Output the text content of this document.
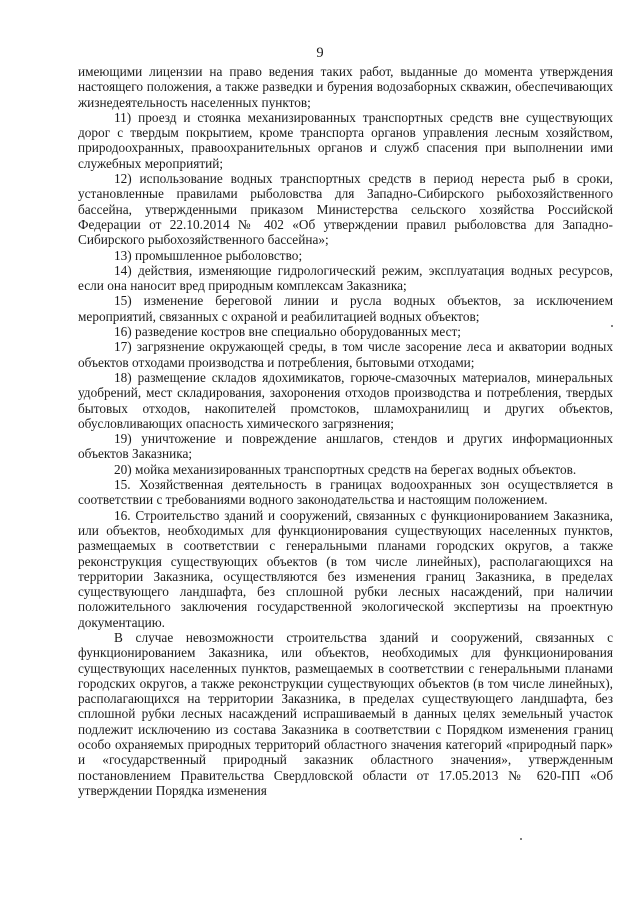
9

имеющими лицензии на право ведения таких работ, выданные до момента утверждения настоящего положения, а также разведки и бурения водозаборных скважин, обеспечивающих жизнедеятельность населенных пунктов;

11) проезд и стоянка механизированных транспортных средств вне существующих дорог с твердым покрытием, кроме транспорта органов управления лесным хозяйством, природоохранных, правоохранительных органов и служб спасения при выполнении ими служебных мероприятий;

12) использование водных транспортных средств в период нереста рыб в сроки, установленные правилами рыболовства для Западно-Сибирского рыбохозяйственного бассейна, утвержденными приказом Министерства сельского хозяйства Российской Федерации от 22.10.2014 № 402 «Об утверждении правил рыболовства для Западно-Сибирского рыбохозяйственного бассейна»;

13) промышленное рыболовство;

14) действия, изменяющие гидрологический режим, эксплуатация водных ресурсов, если она наносит вред природным комплексам Заказника;

15) изменение береговой линии и русла водных объектов, за исключением мероприятий, связанных с охраной и реабилитацией водных объектов;

16) разведение костров вне специально оборудованных мест;

17) загрязнение окружающей среды, в том числе засорение леса и акватории водных объектов отходами производства и потребления, бытовыми отходами;

18) размещение складов ядохимикатов, горюче-смазочных материалов, минеральных удобрений, мест складирования, захоронения отходов производства и потребления, твердых бытовых отходов, накопителей промстоков, шламохранилищ и других объектов, обусловливающих опасность химического загрязнения;

19) уничтожение и повреждение аншлагов, стендов и других информационных объектов Заказника;

20) мойка механизированных транспортных средств на берегах водных объектов.

15. Хозяйственная деятельность в границах водоохранных зон осуществляется в соответствии с требованиями водного законодательства и настоящим положением.

16. Строительство зданий и сооружений, связанных с функционированием Заказника, или объектов, необходимых для функционирования существующих населенных пунктов, размещаемых в соответствии с генеральными планами городских округов, а также реконструкция существующих объектов (в том числе линейных), располагающихся на территории Заказника, осуществляются без изменения границ Заказника, в пределах существующего ландшафта, без сплошной рубки лесных насаждений, при наличии положительного заключения государственной экологической экспертизы на проектную документацию.

В случае невозможности строительства зданий и сооружений, связанных с функционированием Заказника, или объектов, необходимых для функционирования существующих населенных пунктов, размещаемых в соответствии с генеральными планами городских округов, а также реконструкции существующих объектов (в том числе линейных), располагающихся на территории Заказника, в пределах существующего ландшафта, без сплошной рубки лесных насаждений испрашиваемый в данных целях земельный участок подлежит исключению из состава Заказника в соответствии с Порядком изменения границ особо охраняемых природных территорий областного значения категорий «природный парк» и «государственный природный заказник областного значения», утвержденным постановлением Правительства Свердловской области от 17.05.2013 № 620-ПП «Об утверждении Порядка изменения
